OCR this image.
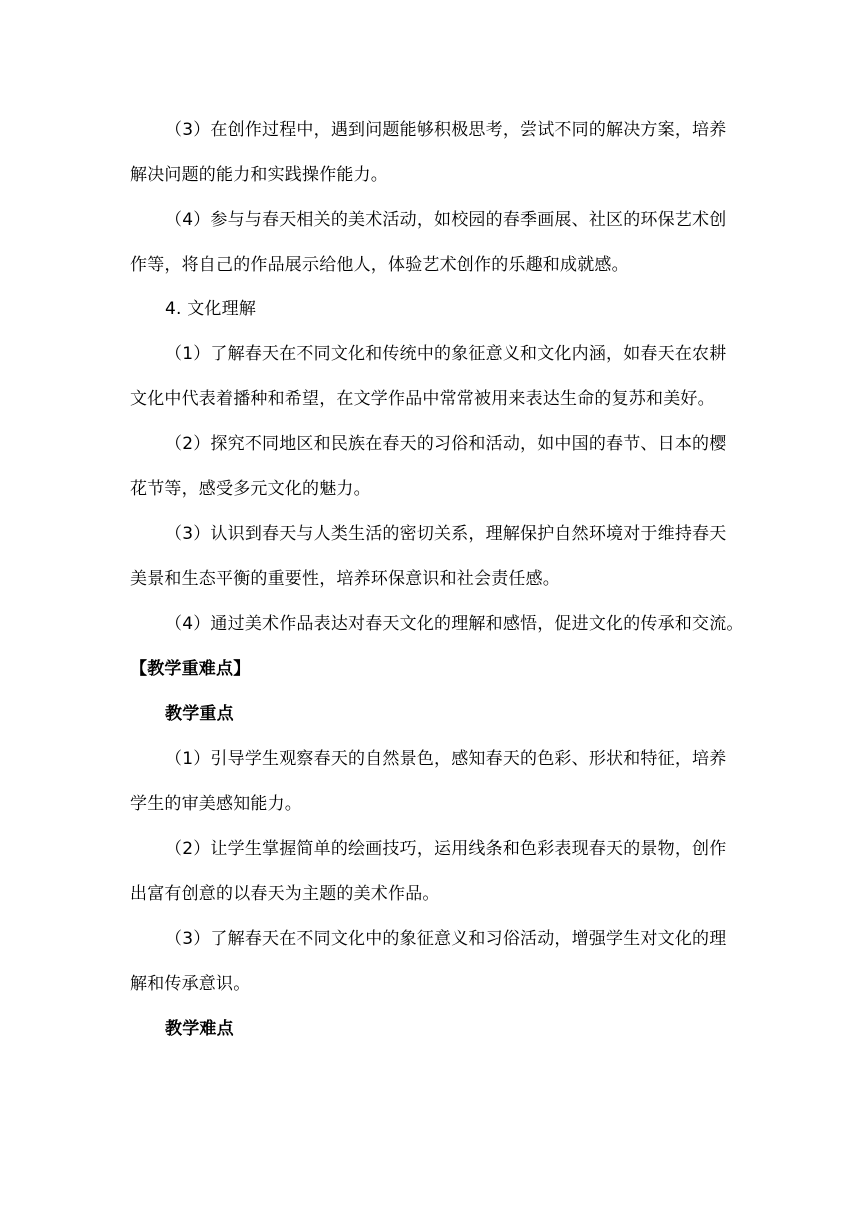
（3）在创作过程中，遇到问题能够积极思考，尝试不同的解决方案，培养
解决问题的能力和实践操作能力。
（4）参与与春天相关的美术活动，如校园的春季画展、社区的环保艺术创
作等，将自己的作品展示给他人，体验艺术创作的乐趣和成就感。
4. 文化理解
（1）了解春天在不同文化和传统中的象征意义和文化内涵，如春天在农耕
文化中代表着播种和希望，在文学作品中常常被用来表达生命的复苏和美好。
（2）探究不同地区和民族在春天的习俗和活动，如中国的春节、日本的樱
花节等，感受多元文化的魅力。
（3）认识到春天与人类生活的密切关系，理解保护自然环境对于维持春天
美景和生态平衡的重要性，培养环保意识和社会责任感。
（4）通过美术作品表达对春天文化的理解和感悟，促进文化的传承和交流。
【教学重难点】
教学重点
（1）引导学生观察春天的自然景色，感知春天的色彩、形状和特征，培养
学生的审美感知能力。
（2）让学生掌握简单的绘画技巧，运用线条和色彩表现春天的景物，创作
出富有创意的以春天为主题的美术作品。
（3）了解春天在不同文化中的象征意义和习俗活动，增强学生对文化的理
解和传承意识。
教学难点
